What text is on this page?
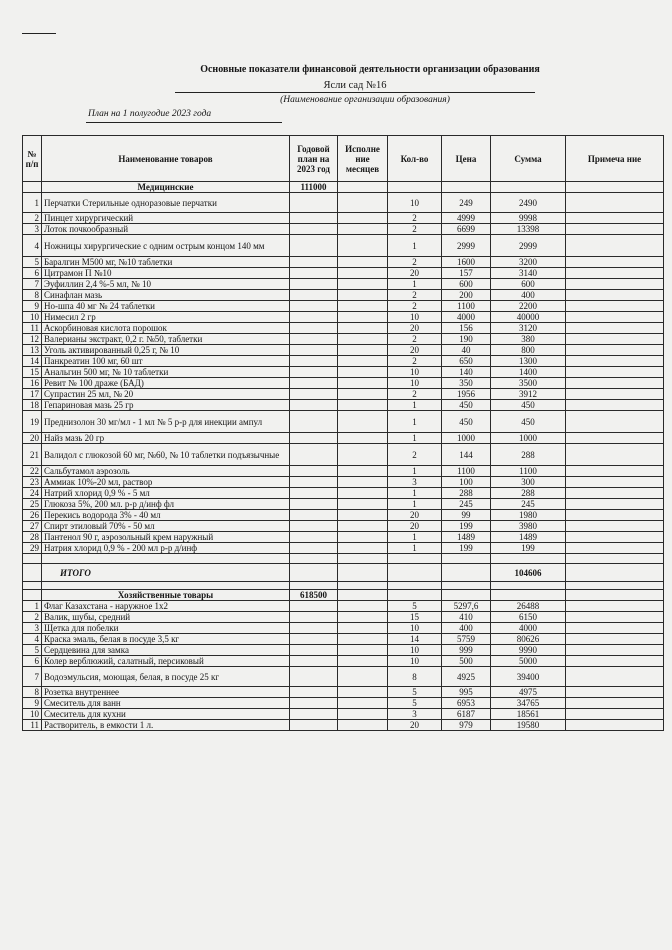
Основные показатели финансовой деятельности организации образования
Ясли сад №16
(Наименование организации образования)
План на 1 полугодие 2023 года
№ п/п	Наименование товаров	Годовой план на 2023 год	Исполне ние месяцев	Кол-во	Цена	Сумма	Примеча ние
	Медицинские	111000					
1	Перчатки Стерильные одноразовые перчатки			10	249	2490	
2	Пинцет хирургический			2	4999	9998	
3	Лоток почкообразный			2	6699	13398	
4	Ножницы хирургические с одним острым концом 140 мм			1	2999	2999	
5	Баралгин М500 мг, №10 таблетки			2	1600	3200	
6	Цитрамон П №10			20	157	3140	
7	Эуфиллин 2,4 %-5 мл, № 10			1	600	600	
8	Синафлан мазь			2	200	400	
9	Но-шпа 40 мг № 24 таблетки			2	1100	2200	
10	Нимесил 2 гр			10	4000	40000	
11	Аскорбиновая кислота порошок			20	156	3120	
12	Валерианы экстракт, 0,2 г. №50, таблетки			2	190	380	
13	Уголь активированный 0,25 г, № 10			20	40	800	
14	Панкреатин 100 мг, 60 шт			2	650	1300	
15	Анальгин 500 мг, № 10 таблетки			10	140	1400	
16	Ревит № 100 драже (БАД)			10	350	3500	
17	Супрастин 25 мл, № 20			2	1956	3912	
18	Гепариновая мазь 25 гр			1	450	450	
19	Преднизолон 30 мг/мл - 1 мл № 5 р-р для инекции ампул			1	450	450	
20	Найз мазь 20 гр			1	1000	1000	
21	Валидол с глюкозой 60 мг, №60, № 10 таблетки подъязычные			2	144	288	
22	Сальбутамол аэрозоль			1	1100	1100	
23	Аммиак 10%-20 мл, раствор			3	100	300	
24	Натрий хлорид 0,9 % - 5 мл			1	288	288	
25	Глюкоза 5%, 200 мл. р-р д/инф фл			1	245	245	
26	Перекись водорода 3% - 40 мл			20	99	1980	
27	Спирт этиловый 70% - 50 мл			20	199	3980	
28	Пантенол 90 г, аэрозольный крем наружный			1	1489	1489	
29	Натрия хлорид 0,9 % - 200 мл р-р д/инф			1	199	199	

	ИТОГО					104606	

	Хозяйственные товары	618500					
1	Флаг Казахстана - наружное 1х2			5	5297,6	26488	
2	Валик, шубы, средний			15	410	6150	
3	Щетка для побелки			10	400	4000	
4	Краска эмаль, белая в посуде 3,5 кг			14	5759	80626	
5	Сердцевина для замка			10	999	9990	
6	Колер верблюжий, салатный, персиковый			10	500	5000	
7	Водоэмульсия, моющая, белая, в посуде 25 кг			8	4925	39400	
8	Розетка внутреннее			5	995	4975	
9	Смеситель для ванн			5	6953	34765	
10	Смеситель для кухни			3	6187	18561	
11	Растворитель, в емкости 1 л.			20	979	19580	
